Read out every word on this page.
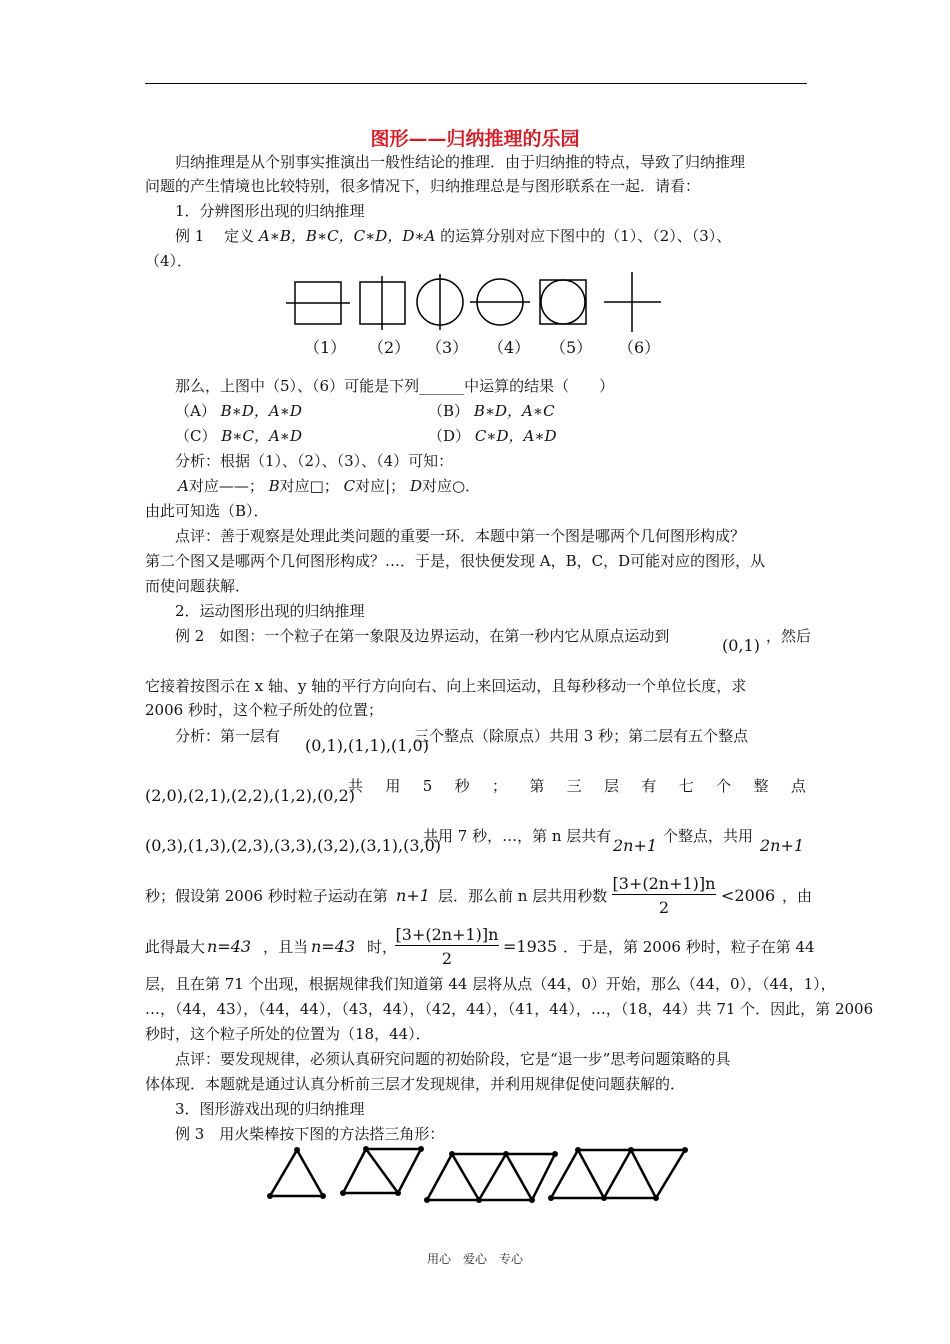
图形——归纳推理的乐园
归纳推理是从个别事实推演出一般性结论的推理．由于归纳推的特点，导致了归纳推理
问题的产生情境也比较特别，很多情况下，归纳推理总是与图形联系在一起．请看：
1．分辨图形出现的归纳推理
例 1　 定义 A∗B，B∗C，C∗D，D∗A 的运算分别对应下图中的（1）、（2）、（3）、
（4）．
（1） （2） （3） （4） （5） （6）
那么，上图中（5）、（6）可能是下列______中运算的结果（　　）
（A） B∗D，A∗D	（B） B∗D，A∗C
（C） B∗C，A∗D	（D） C∗D，A∗D
分析：根据（1）、（2）、（3）、（4）可知：
A对应——； B对应□； C对应|； D对应○．
由此可知选（B）．
点评：善于观察是处理此类问题的重要一环．本题中第一个图是哪两个几何图形构成？
第二个图又是哪两个几何图形构成？…．于是，很快便发现 A，B，C，D可能对应的图形，从
而使问题获解．
2．运动图形出现的归纳推理
例 2　如图：一个粒子在第一象限及边界运动，在第一秒内它从原点运动到	(0,1) ，然后
它接着按图示在 x 轴、y 轴的平行方向向右、向上来回运动，且每秒移动一个单位长度，求
2006 秒时，这个粒子所处的位置；
分析：第一层有 (0,1),(1,1),(1,0)
三个整点（除原点）共用 3 秒；第二层有五个整点
(2,0),(2,1),(2,2),(1,2),(0,2)
共 用 5 秒 ； 第 三 层 有 七 个 整 点
(0,3),(1,3),(2,3),(3,3),(3,2),(3,1),(3,0)
共用 7 秒，…，第 n 层共有 2n+1 个整点，共用 2n+1
秒；假设第 2006 秒时粒子运动在第 n+1 层．那么前 n 层共用秒数
[3+(2n+1)]n
2
<2006 ，由
此得最大 n=43 ，且当 n=43 时，
[3+(2n+1)]n
2
=1935 ．于是，第 2006 秒时，粒子在第 44
层，且在第 71 个出现，根据规律我们知道第 44 层将从点（44，0）开始，那么（44，0），（44，1），
…，（44，43），（44，44），（43，44），（42，44），（41，44），…，（18，44）共 71 个．因此，第 2006
秒时，这个粒子所处的位置为（18，44）．
点评：要发现规律，必须认真研究问题的初始阶段，它是“退一步”思考问题策略的具
体体现．本题就是通过认真分析前三层才发现规律，并利用规律促使问题获解的．
3．图形游戏出现的归纳推理
例 3　用火柴棒按下图的方法搭三角形：
用心　爱心　专心
